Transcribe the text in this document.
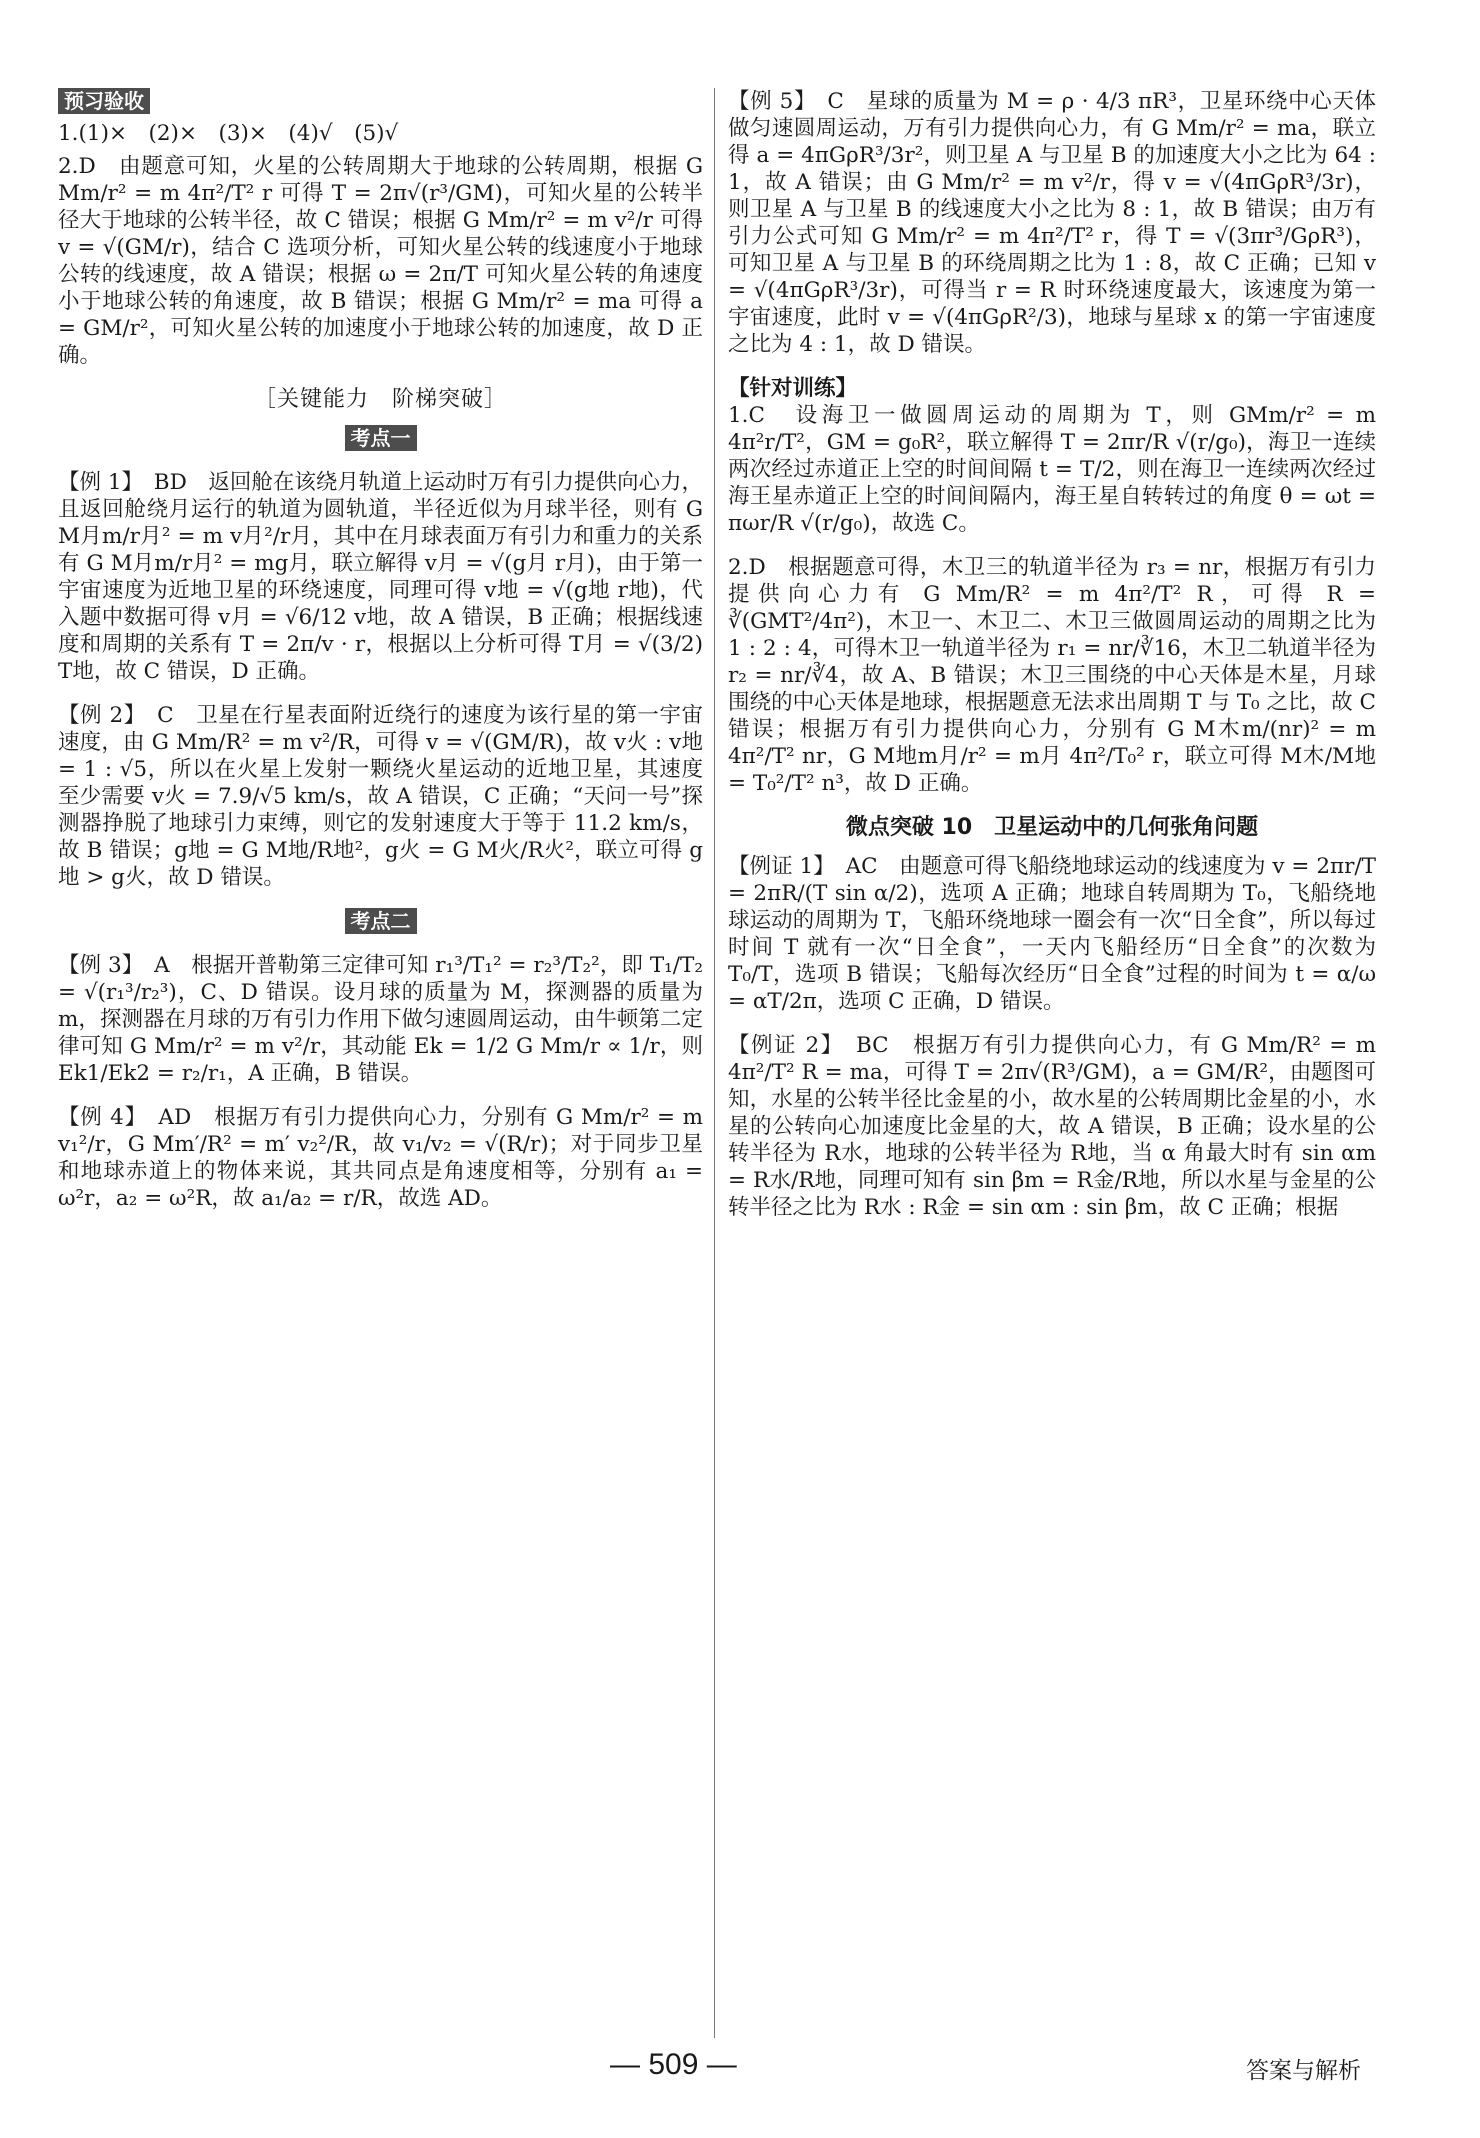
预习验收

1.(1)×　(2)×　(3)×　(4)√　(5)√

2.D　由题意可知，火星的公转周期大于地球的公转周期，根据 G Mm/r² = m 4π²/T² r 可得 T = 2π√(r³/GM)，可知火星的公转半径大于地球的公转半径，故 C 错误；根据 G Mm/r² = m v²/r 可得 v = √(GM/r)，结合 C 选项分析，可知火星公转的线速度小于地球公转的线速度，故 A 错误；根据 ω = 2π/T 可知火星公转的角速度小于地球公转的角速度，故 B 错误；根据 G Mm/r² = ma 可得 a = GM/r²，可知火星公转的加速度小于地球公转的加速度，故 D 正确。

［关键能力　阶梯突破］
考点一

【例 1】　BD　返回舱在该绕月轨道上运动时万有引力提供向心力，且返回舱绕月运行的轨道为圆轨道，半径近似为月球半径，则有 G M月m/r月² = m v月²/r月，其中在月球表面万有引力和重力的关系有 G M月m/r月² = mg月，联立解得 v月 = √(g月 r月)，由于第一宇宙速度为近地卫星的环绕速度，同理可得 v地 = √(g地 r地)，代入题中数据可得 v月 = √6/12 v地，故 A 错误，B 正确；根据线速度和周期的关系有 T = 2π/v · r，根据以上分析可得 T月 = √(3/2) T地，故 C 错误，D 正确。

【例 2】　C　卫星在行星表面附近绕行的速度为该行星的第一宇宙速度，由 G Mm/R² = m v²/R，可得 v = √(GM/R)，故 v火 : v地 = 1 : √5，所以在火星上发射一颗绕火星运动的近地卫星，其速度至少需要 v火 = 7.9/√5 km/s，故 A 错误，C 正确；“天问一号”探测器挣脱了地球引力束缚，则它的发射速度大于等于 11.2 km/s，故 B 错误；g地 = G M地/R地²，g火 = G M火/R火²，联立可得 g地 > g火，故 D 错误。

考点二

【例 3】　A　根据开普勒第三定律可知 r₁³/T₁² = r₂³/T₂²，即 T₁/T₂ = √(r₁³/r₂³)，C、D 错误。设月球的质量为 M，探测器的质量为 m，探测器在月球的万有引力作用下做匀速圆周运动，由牛顿第二定律可知 G Mm/r² = m v²/r，其动能 Ek = 1/2 G Mm/r ∝ 1/r，则 Ek1/Ek2 = r₂/r₁，A 正确，B 错误。

【例 4】　AD　根据万有引力提供向心力，分别有 G Mm/r² = m v₁²/r，G Mm′/R² = m′ v₂²/R，故 v₁/v₂ = √(R/r)；对于同步卫星和地球赤道上的物体来说，其共同点是角速度相等，分别有 a₁ = ω²r，a₂ = ω²R，故 a₁/a₂ = r/R，故选 AD。

【例 5】　C　星球的质量为 M = ρ · 4/3 πR³，卫星环绕中心天体做匀速圆周运动，万有引力提供向心力，有 G Mm/r² = ma，联立得 a = 4πGρR³/3r²，则卫星 A 与卫星 B 的加速度大小之比为 64 : 1，故 A 错误；由 G Mm/r² = m v²/r，得 v = √(4πGρR³/3r)，则卫星 A 与卫星 B 的线速度大小之比为 8 : 1，故 B 错误；由万有引力公式可知 G Mm/r² = m 4π²/T² r，得 T = √(3πr³/GρR³)，可知卫星 A 与卫星 B 的环绕周期之比为 1 : 8，故 C 正确；已知 v = √(4πGρR³/3r)，可得当 r = R 时环绕速度最大，该速度为第一宇宙速度，此时 v = √(4πGρR²/3)，地球与星球 x 的第一宇宙速度之比为 4 : 1，故 D 错误。

【针对训练】

1.C　设海卫一做圆周运动的周期为 T，则 GMm/r² = m 4π²r/T²，GM = g₀R²，联立解得 T = 2πr/R √(r/g₀)，海卫一连续两次经过赤道正上空的时间间隔 t = T/2，则在海卫一连续两次经过海王星赤道正上空的时间间隔内，海王星自转转过的角度 θ = ωt = πωr/R √(r/g₀)，故选 C。

2.D　根据题意可得，木卫三的轨道半径为 r₃ = nr，根据万有引力提供向心力有 G Mm/R² = m 4π²/T² R，可得 R = ∛(GMT²/4π²)，木卫一、木卫二、木卫三做圆周运动的周期之比为 1 : 2 : 4，可得木卫一轨道半径为 r₁ = nr/∛16，木卫二轨道半径为 r₂ = nr/∛4，故 A、B 错误；木卫三围绕的中心天体是木星，月球围绕的中心天体是地球，根据题意无法求出周期 T 与 T₀ 之比，故 C 错误；根据万有引力提供向心力，分别有 G M木m/(nr)² = m 4π²/T² nr，G M地m月/r² = m月 4π²/T₀² r，联立可得 M木/M地 = T₀²/T² n³，故 D 正确。

微点突破 10　卫星运动中的几何张角问题

【例证 1】　AC　由题意可得飞船绕地球运动的线速度为 v = 2πr/T = 2πR/(T sin α/2)，选项 A 正确；地球自转周期为 T₀，飞船绕地球运动的周期为 T，飞船环绕地球一圈会有一次“日全食”，所以每过时间 T 就有一次“日全食”，一天内飞船经历“日全食”的次数为 T₀/T，选项 B 错误；飞船每次经历“日全食”过程的时间为 t = α/ω = αT/2π，选项 C 正确，D 错误。

【例证 2】　BC　根据万有引力提供向心力，有 G Mm/R² = m 4π²/T² R = ma，可得 T = 2π√(R³/GM)，a = GM/R²，由题图可知，水星的公转半径比金星的小，故水星的公转周期比金星的小，水星的公转向心加速度比金星的大，故 A 错误，B 正确；设水星的公转半径为 R水，地球的公转半径为 R地，当 α 角最大时有 sin αm = R水/R地，同理可知有 sin βm = R金/R地，所以水星与金星的公转半径之比为 R水 : R金 = sin αm : sin βm，故 C 正确；根据

— 509 —	答案与解析
